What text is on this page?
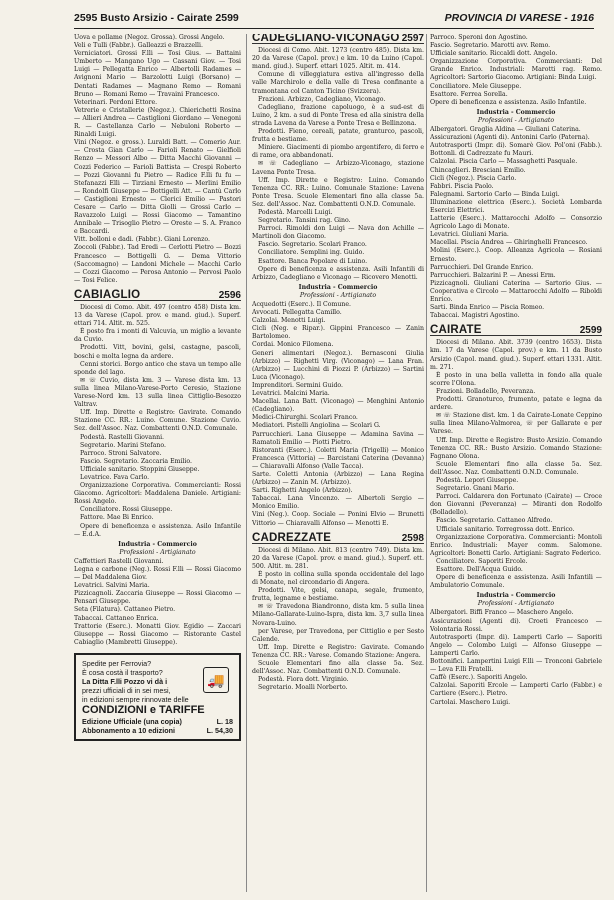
2595 Busto Arsizio - Cairate 2599	PROVINCIA DI VARESE - 1916

Uova e pollame (Negoz. Grossa). Grossi Angelo.

Veli e Tulli (Fabbr.). Galleazzi e Brazzelli.

Verniciatori. Grossi F.lli — Tosi Gius. — Battaini Umberto — Mangano Ugo — Cassani Giov. — Tosi Luigi — Pellegatta Enrico — Albertolli Radames — Avignoni Mario — Barzolotti Luigi (Borsano) — Dentati Radames — Magnano Remo — Romani Bruno — Romani Remo — Travaini Francesco.

Veterinari. Perdoni Ettore.

Vetrerie e Cristallerie (Negoz.). Chierichetti Rosina — Allieri Andrea — Castiglioni Giordano — Venegoni R. — Castellanza Carlo — Nebuloni Roberto — Rinaldi Luigi.

Vini (Negoz. e gross.). Luraldi Batt. — Comerio Aur. — Crosta Gian Carlo — Farioli Renato — Gielfioli Renzo — Messori Albo — Ditta Macchi Giovanni — Cozzi Federico — Farioli Battista — Crespi Roberto — Pozzi Giovanni fu Pietro — Radice F.lli fu fu — Stefanazzi Elli — Tirziani Ernesto — Merlini Emilio — Rondolfi Giuseppe — Bottigelli Att. — Cantù Carlo — Castiglioni Ernesto — Clerici Emilio — Pastori Cesare — Carlo — Ditta Giolli — Grossi Carlo — Ravazzolo Luigi — Rossi Giacomo — Tamantino Annibale — Trisoglio Pietro — Oreste — S. A. Franco e Baccardi.

Vitt. bolloni e dadi. (Fabbr.). Giani Lorenzo.

Zoccoli (Fabbr.). Tad Eredi — Cerlotti Pietro — Bozzi Francesco — Bottigelli G. — Dema Vittorio (Saccomagno) — Landoni Michele — Macchi Carlo — Cozzi Giacomo — Perosa Antonio — Pervosi Paolo — Tosi Felice.

CABIAGLIO	2596

Diocesi di Como. Abit. 497 (centro 458) Dista km. 13 da Varese (Capol. prov. e mand. giud.). Superf. ettari 714. Altit. m. 525.

È posto fra i monti di Valcuvia, un miglio a levante da Cuvio.

Prodotti. Vitt, bovini, gelsi, castagne, pascoli, boschi e molta legna da ardere.

Cenni storici. Borgo antico che stava un tempo alle sponde del lago.

✉ ☏ Cuvio, dista km. 3 — Varese dista km. 13 sulla linea Milano-Varese-Porto Ceresio, Stazione Varese-Nord km. 13 sulla linea Cittiglio-Besozzo Valtrav.

Uff. Imp. Dirette e Registro: Gavirate. Comando Stazione CC. RR.: Luino. Comune. Stazione Cuvio. Sez. dell'Assoc. Naz. Combattenti O.N.D. Comunale.

Podestà. Rastelli Giovanni.

Segretario. Marini Stefano.

Parroco. Stroni Salvatore.

Fascio. Segretario. Zaccaria Emilio.

Ufficiale sanitario. Stoppini Giuseppe.

Levatrice. Fava Carlo.

Organizzazione Corporativa. Commercianti: Rossi Giacomo. Agricoltori: Maddalena Daniele. Artigiani: Rossi Angelo.

Conciliatore. Rossi Giuseppe.

Fattore. Mae Bi Enrico.

Opere di beneficenza e assistenza. Asilo Infantile — E.d.A.

Industria - Commercio
Professioni - Artigianato

Caffettieri Rastelli Giovanni.

Legna e carbone (Neg.). Rossi F.lli — Rossi Giacomo — Del Maddalena Giov.

Levatrici. Salvini Maria.

Pizzicagnoli. Zaccaria Giuseppe — Rossi Giacomo — Pensari Giuseppe.

Seta (Filatura). Cattaneo Pietro.

Tabaccai. Cattaneo Enrica.

Trattorie (Eserc.). Monatti Giov. Egidio — Zaccari Giuseppe — Rossi Giacomo — Ristorante Castel Cabiaglio (Mambretti Giuseppe).

🚚
Spedite per Ferrovia?
È cosa costà il trasporto?
La Ditta F.lli Pozzo vi dà i
prezzi ufficiali di in sei mesi,
in edizioni sempre rinnovate delle
CONDIZIONI e TARIFFE
Edizione Ufficiale (una copia)	L. 18
Abbonamento a 10 edizioni	L. 54,30
CADEGLIANO-VICONAGO 2597

Diocesi di Como. Abit. 1273 (centro 485). Dista km. 20 da Varese (Capol. prov.) e km. 10 da Luino (Capol. mand. giud.). Superf. ettari 1025. Altit. m. 414.

Comune di villeggiatura estiva all'ingresso della valle Marchirolo e della valle di Tresa confinante a tramontana col Canton Ticino (Svizzera).

Frazioni. Arbizzo, Cadegliano, Viconago.

Cadegliano, frazione capoluogo, è a sud-est di Luino, 2 km. a sud di Ponte Tresa ed alla sinistra della strada Lavena da Varese a Ponte Tresa e Bellinzona.

Prodotti. Fieno, cereali, patate, granturco, pascoli, frutta e bestiame.

Miniere. Giacimenti di piombo argentifero, di ferro e di rame, ora abbandonati.

✉ ☏ Cadegliano — Arbizzo-Viconago, stazione Lavena Ponte Tresa.

Uff. Imp. Dirette e Registro: Luino. Comando Tenenza CC. RR.: Luino. Comunale Stazione: Lavena Ponte Tresa. Scuole Elementari fino alla classe 5a. Sez. dell'Assoc. Naz. Combattenti O.N.D. Comunale.

Podestà. Marcelli Luigi.

Segretario. Tansini rag. Gino.

Parroci. Rimoldi don Luigi — Nava don Achille — Martinoli don Giacomo.

Fascio. Segretario. Scolari Franco.

Conciliatore. Semplini ing. Guido.

Esattore. Banca Popolare di Luino.

Opere di beneficenza e assistenza. Asili Infantili di Arbizzo, Cadegliano e Viconago — Ricovero Menotti.

Industria - Commercio
Professioni - Artigianato

Acquedotti (Eserc.). Il Comune.

Avvocati. Pellegatta Camillo.

Calzolai. Menotti Luigi.

Cicli (Neg. e Ripar.). Gippini Francesco — Zanin Bartolomeo.

Cordai. Monico Filomena.

Generi alimentari (Negoz.). Bernasconi Giulia (Arbizzo) — Righetti Virg. (Viconago) — Lana Fran. (Arbizzo) — Lucchini di Piozzi P. (Arbizzo) — Sartini Luca (Viconago).

Imprenditori. Sermini Guido.

Levatrici. Malcini Maria.

Macellai. Lana Batt. (Viconago) — Menghini Antonio (Cadegliano).

Medici-Chirurghi. Scolari Franco.

Mediatori. Pistelli Angiolina — Scolari G.

Parrucchieri. Lana Giuseppe — Adamina Savina — Ramatoli Emilio — Piotti Pietro.

Ristoranti (Eserc.). Coletti Maria (Trigelli) — Monico Francesca (Vittoria) — Barcistani Caterina (Devanna) — Chiaravalli Alfonso (Valle Tacca).

Sarte. Coletti Antonia (Arbizzo) — Lana Regina (Arbizzo) — Zanin M. (Arbizzo).

Sarti. Righetti Angelo (Arbizzo).

Tabaccai. Lana Vincenzo. — Albertoli Sergio — Monico Emilio.

Vini (Neg.). Coop. Sociale — Ponini Elvio — Brunetti Vittorio — Chiaravalli Alfonso — Menotti E.

CADREZZATE	2598

Diocesi di Milano. Abit. 813 (centro 749). Dista km. 20 da Varese (Capol. prov. e mand. giud.). Superf. ett. 500. Altit. m. 281.

È posto in collina sulla sponda occidentale del lago di Monate, nel circondario di Angera.

Prodotti. Vite, gelsi, canapa, segale, frumento, frutta, legname e bestiame.

✉ ☏ Travedona Biandronno, dista km. 5 sulla linea Milano-Gallarate-Luino-Ispra, dista km. 3,7 sulla linea Novara-Luino.

per Varese, per Travedona, per Cittiglio e per Sesto Calende.

Uff. Imp. Dirette e Registro: Gavirate. Comando Tenenza CC. RR.: Varese. Comando Stazione: Angera.

Scuole Elementari fino alla classe 5a. Sez. dell'Assoc. Naz. Combattenti O.N.D. Comunale.

Podestà. Fiora dott. Virginio.

Segretario. Moalli Norberto.

Parroco. Speroni don Agostino.

Fascio. Segretario. Marotti avv. Remo.

Ufficiale sanitario. Riccaldi dott. Angelo.

Organizzazione Corporativa. Commercianti: Del Grande Enrico. Industriali: Marotti rag. Remo. Agricoltori: Sartorio Giacomo. Artigiani: Binda Luigi.

Conciliatore. Mele Giuseppe.

Esattore. Ferrea Sorella.

Opere di beneficenza e assistenza. Asilo Infantile.

Industria - Commercio
Professioni - Artigianato

Albergatori. Graglia Aldina — Giuliani Caterina.

Assicurazioni (Agenti di). Antonini Carlo (Paterna).

Autotrasporti (Impr. di). Somarè Giov. Pol'oni (Fabb.). Bottonli. di Cadrezzate fu Mauri.

Calzolai. Piscia Carlo — Massaghetti Pasquale.

Chincaglieri. Bresciani Emilio.

Cicli (Negoz.). Piscia Carlo.

Fabbri. Piscia Paolo.

Falegnami. Sartorio Carlo — Binda Luigi.

Illuminazione elettrica (Eserc.). Società Lombarda Esercizi Elettrici.

Latterie (Eserc.). Mattarocchi Adolfo — Consorzio Agricolo Lago di Monate.

Levatrici. Giuliani Maria.

Macellai. Piscia Andrea — Ghiringhelli Francesco.

Molini (Eserc.). Coop. Alleanza Agricola — Rosiani Ernesto.

Parrucchieri. Del Grande Enrico.

Parrucchieri. Balzarini P. — Anessi Erm.

Pizzicagnoli. Giuliani Caterina — Sartorio Gius. — Cooperativa e Circolo — Mattarocchi Adolfo — Riboldi Enrico.

Sarti. Binda Enrico — Piscia Romeo.

Tabaccai. Magistri Agostino.

CAIRATE	2599

Diocesi di Milano. Abit. 3739 (centro 1653). Dista km. 17 da Varese (Capol. prov.) e km. 11 da Busto Arsizio (Capol. mand. giud.). Superf. ettari 1331. Altit. m. 271.

È posto in una bella valletta in fondo alla quale scorre l'Olona.

Frazioni. Bolladello, Peveranza.

Prodotti. Granoturco, frumento, patate e legna da ardere.

✉ ☏ Stazione dist. km. 1 da Cairate-Lonate Ceppino sulla linea Milano-Valmorea, ☏ per Gallarate e per Varese.

Uff. Imp. Dirette e Registro: Busto Arsizio. Comando Tenenza CC. RR.: Busto Arsizio. Comando Stazione: Fagnano Olona.

Scuole Elementari fino alla classe 5a. Sez. dell'Assoc. Naz. Combattenti O.N.D. Comunale.

Podestà. Lepori Giuseppe.

Segretario. Gnani Mario.

Parroci. Caldarera don Fortunato (Cairate) — Croce don Giovanni (Peveranza) — Miranti don Rodolfo (Bolladello).

Fascio. Segretario. Cattaneo Alfredo.

Ufficiale sanitario. Torregrossa dott. Enrico.

Organizzazione Corporativa. Commercianti: Montoli Enrico. Industriali: Mayer comm. Salomone. Agricoltori: Bonetti Carlo. Artigiani: Sagrato Federico.

Conciliatore. Saporiti Ercole.

Esattore. Dell'Acqua Guido.

Opere di beneficenza e assistenza. Asili Infantili — Ambulatorio Comunale.

Industria - Commercio
Professioni - Artigianato

Albergatori. Biffi Franco — Maschero Angelo.

Assicurazioni (Agenti di). Croeti Francesco — Volontaria Rossi.

Autotrasporti (Impr. di). Lamperti Carlo — Saporiti Angelo — Colombo Luigi — Alfonso Giuseppe — Lamperti Carlo.

Bottonifici. Lampertini Luigi F.lli — Tronconi Gabriele — Leva F.lli Fratelli.

Caffè (Eserc.). Saporiti Angelo.

Calzolai. Saporiti Ercole — Lamperti Carlo (Fabbr.) e Cartiere (Eserc.). Pietro.

Cartolai. Maschero Luigi.
